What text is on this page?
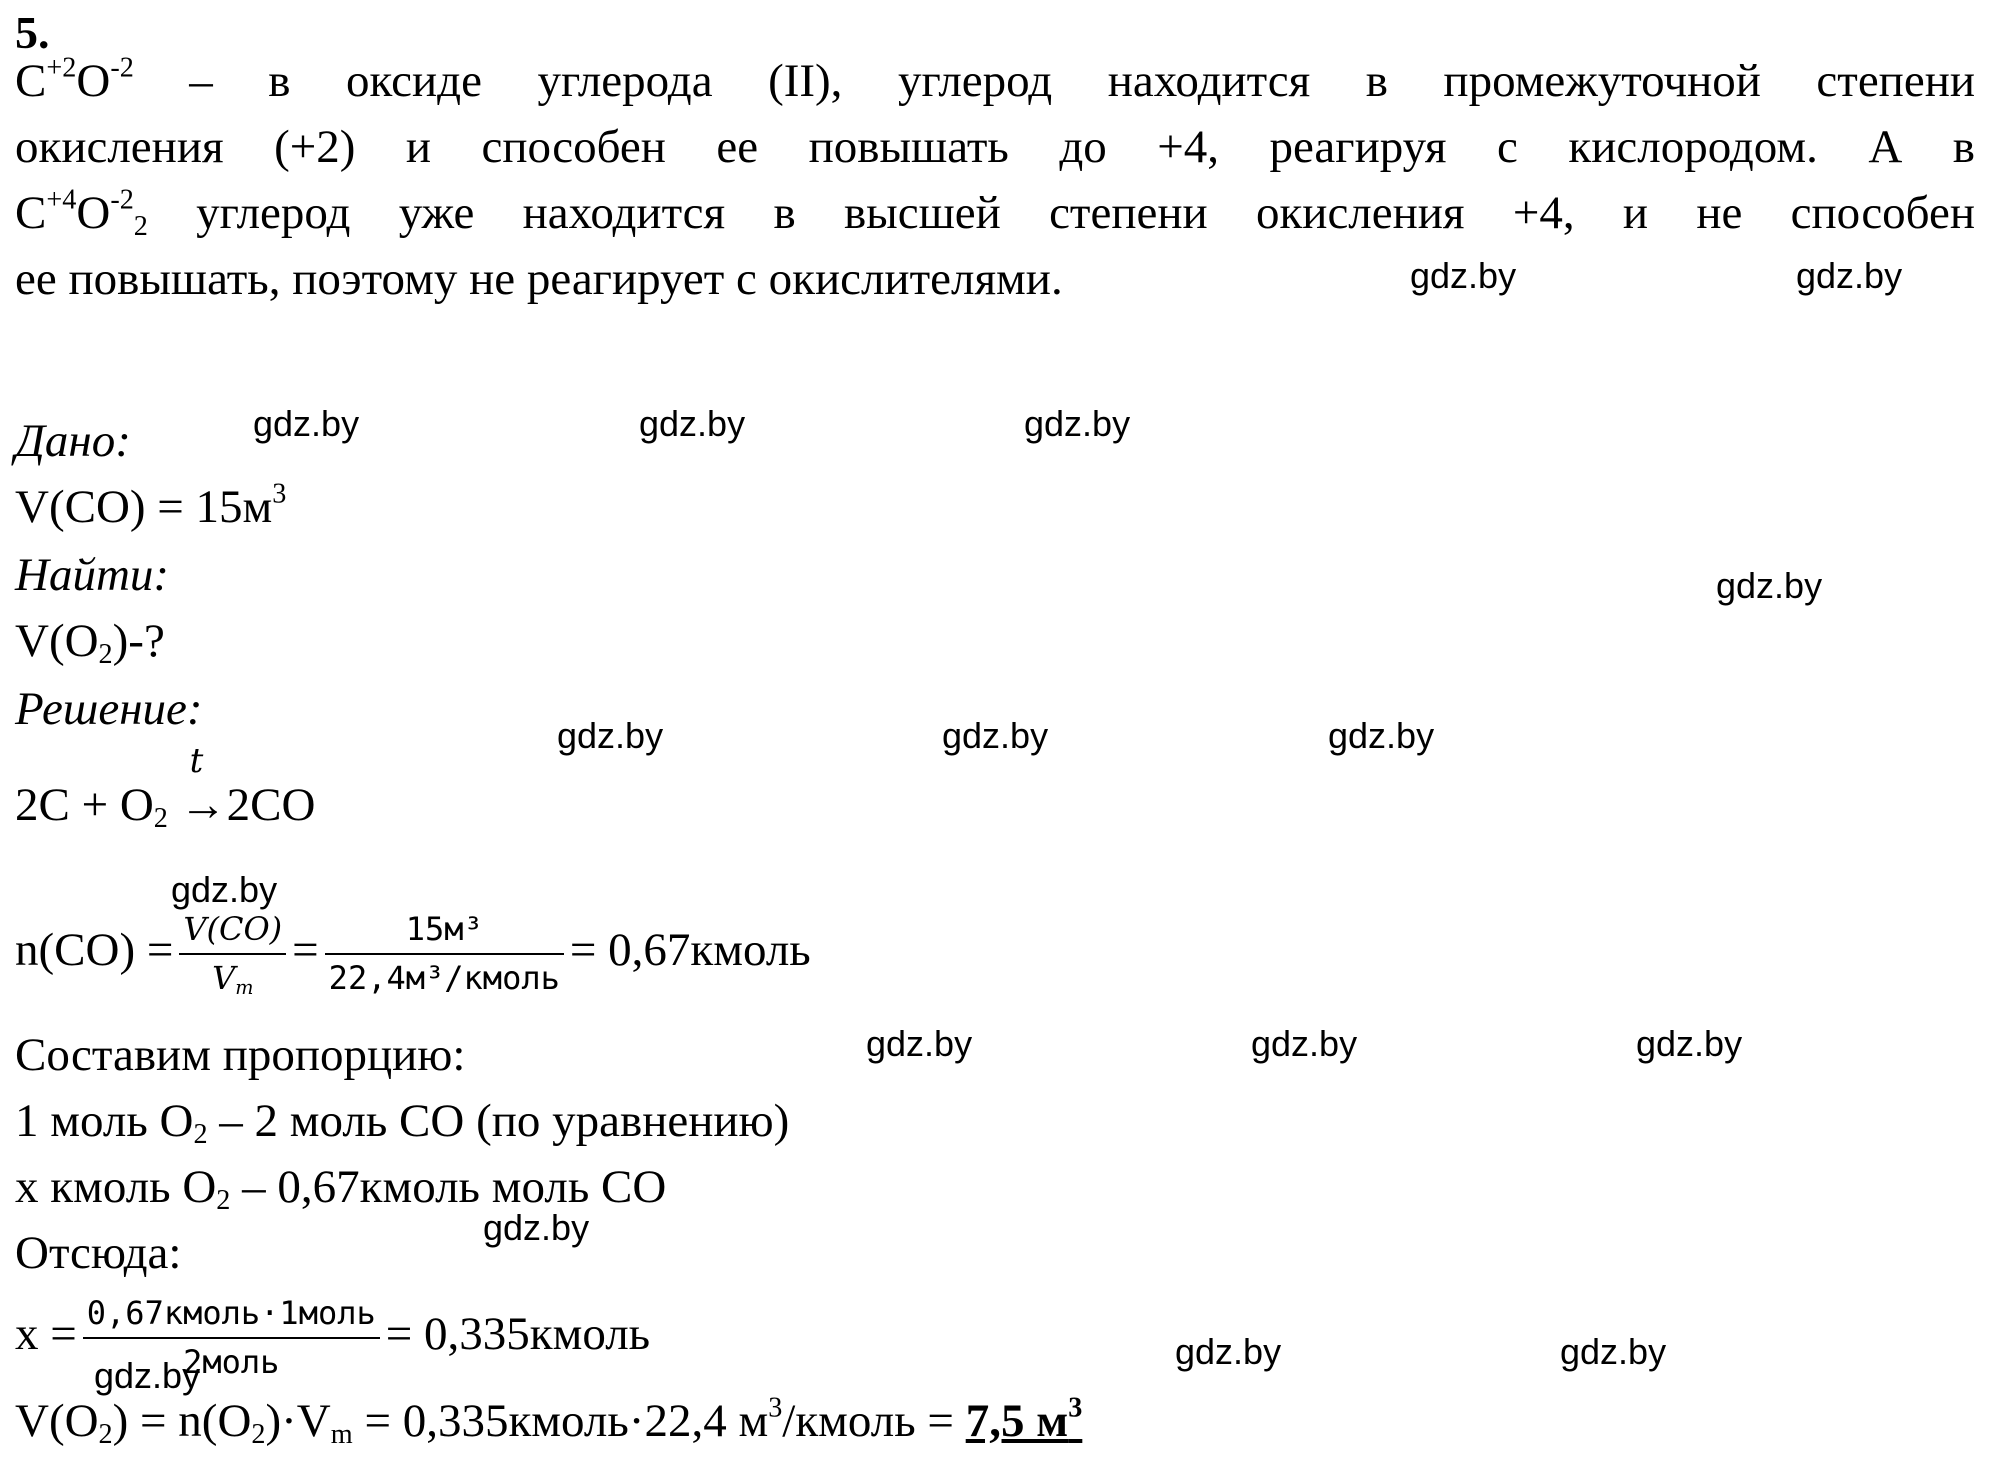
5.
$C^{+2}O^{-2}$ – в оксиде углерода (II), углерод находится в промежуточной степени
окисления (+2) и способен ее повышать до +4, реагируя с кислородом. А в
$C^{+4}O^{-2}_2$ углерод уже находится в высшей степени окисления +4, и не способен
ее повышать, поэтому не реагирует с окислителями.
Дано:
$V(CO) = 15м^3$
Найти:
$V(O_2)-$?
Решение:
$2C + O_2$
t
→2CO
$n(CO) = \frac{V(CO)}{V_m} = \frac{\text{15м³}}{\text{22,4м³/кмоль}}$ = 0,67кмоль
Составим пропорцию:
1 моль $O_2 - 2$ моль CO (по уравнению)
x кмоль $O_2$ – 0,67кмоль моль CO
Отсюда:
$x = \frac{\text{0,67кмоль·1моль}}{\text{2моль}}$ = 0,335кмоль
$V(O_2) = n(O_2)\cdot V_m$ = 0,335кмоль·22,4 $м^3$/кмоль = 7,5 $м^3$
gdz.by	gdz.by
gdz.by	gdz.by	gdz.by
gdz.by
gdz.by	gdz.by	gdz.by
gdz.by
gdz.by	gdz.by	gdz.by
gdz.by
gdz.by	gdz.by
gdz.by
